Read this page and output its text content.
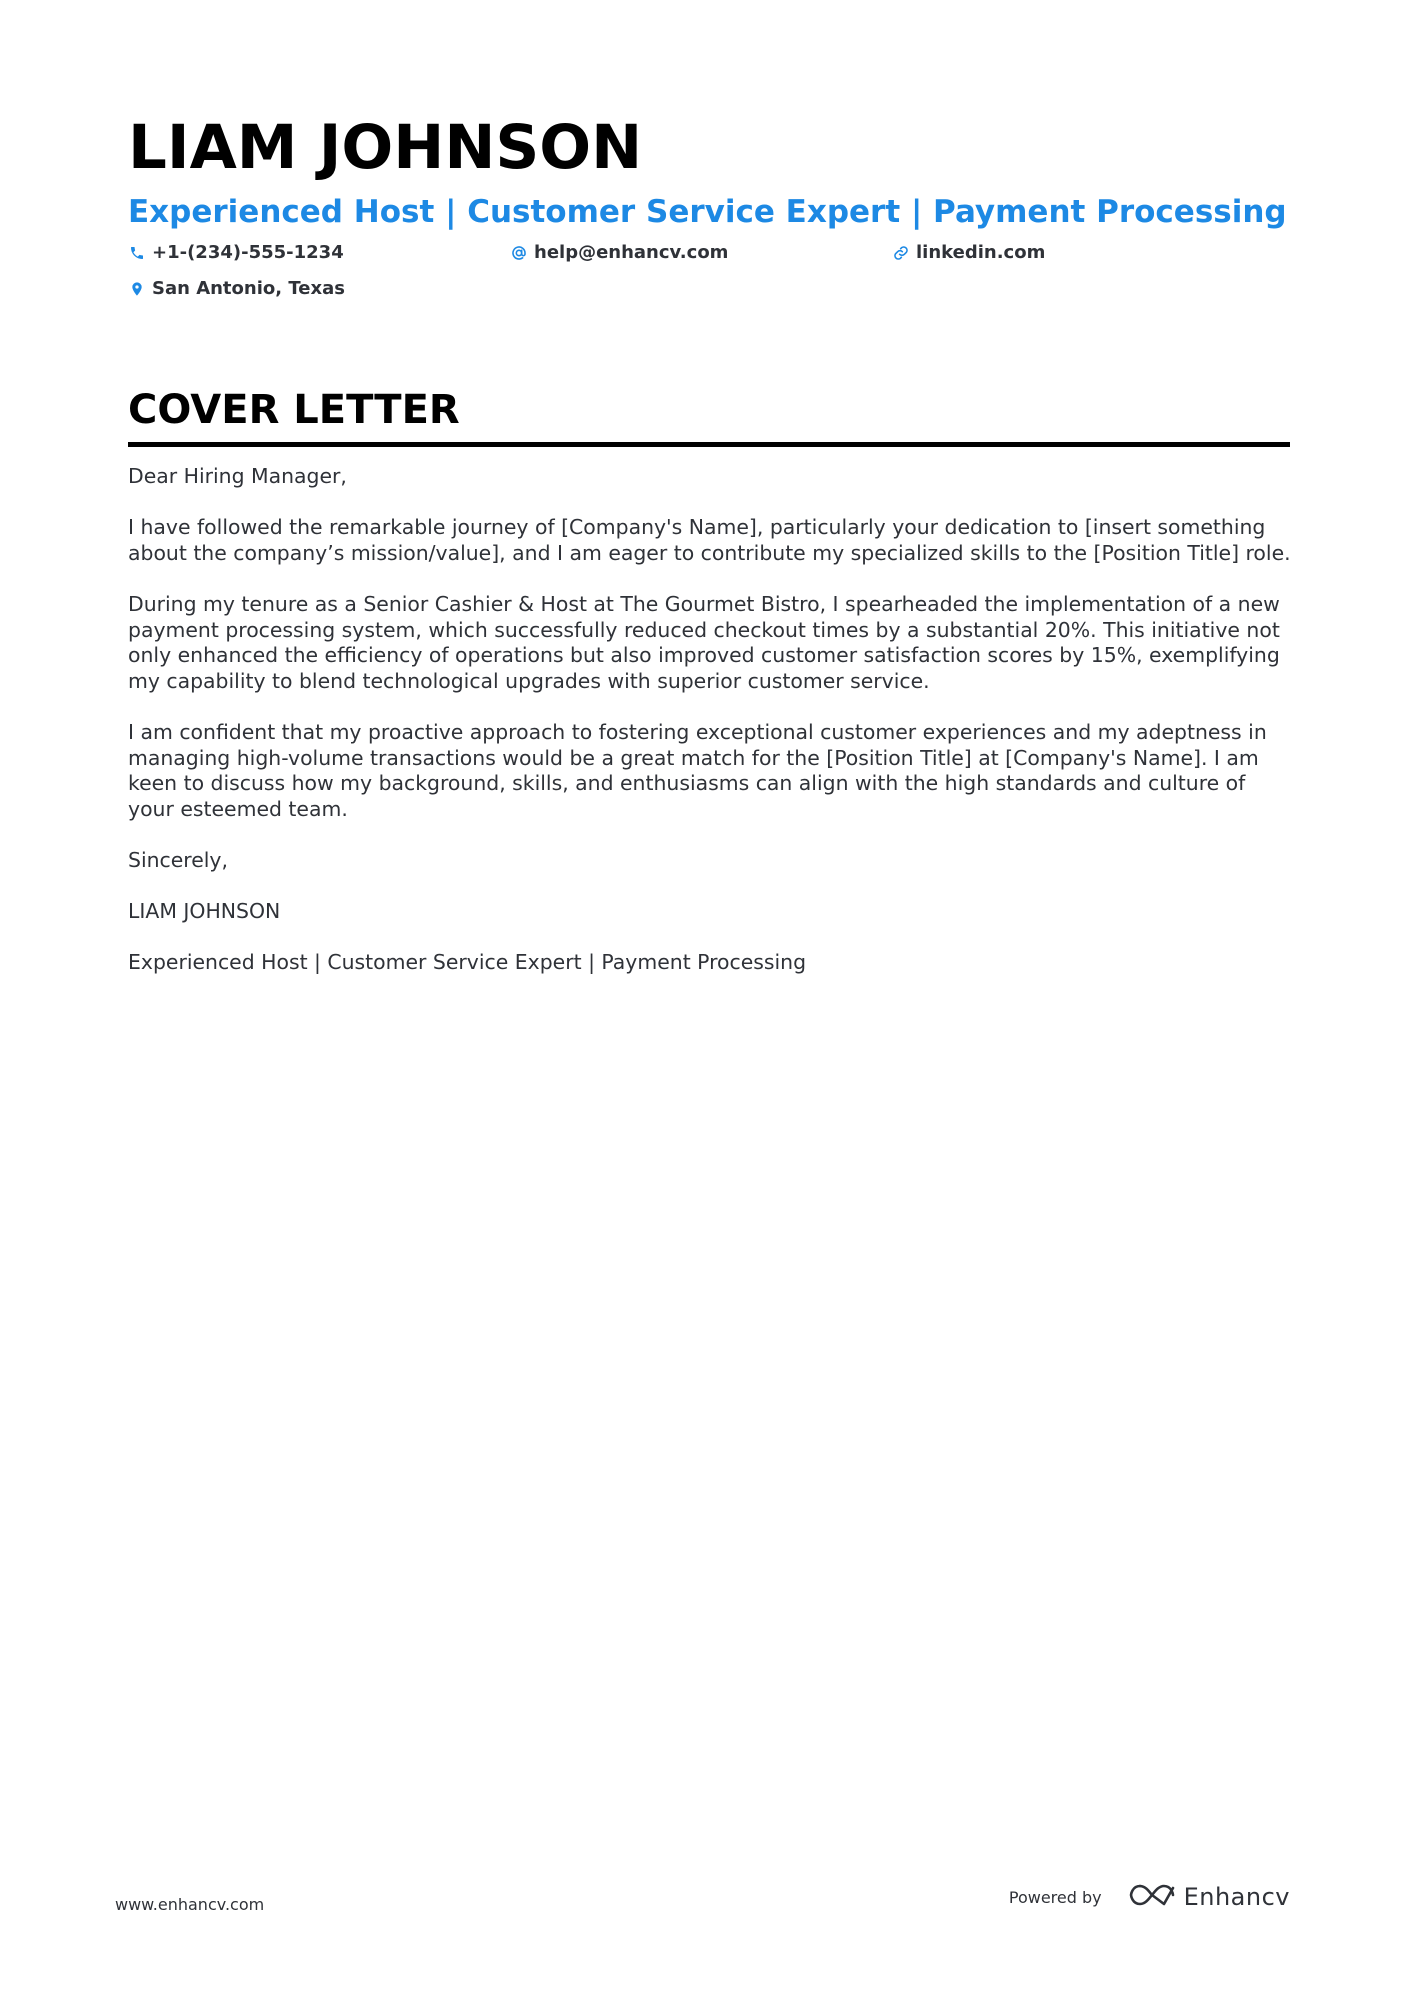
LIAM JOHNSON
Experienced Host | Customer Service Expert | Payment Processing
+1-(234)-555-1234	help@enhancv.com	linkedin.com
San Antonio, Texas
COVER LETTER

Dear Hiring Manager,

I have followed the remarkable journey of [Company's Name], particularly your dedication to [insert something about the company’s mission/value], and I am eager to contribute my specialized skills to the [Position Title] role.

During my tenure as a Senior Cashier & Host at The Gourmet Bistro, I spearheaded the implementation of a new payment processing system, which successfully reduced checkout times by a substantial 20%. This initiative not only enhanced the efficiency of operations but also improved customer satisfaction scores by 15%, exemplifying my capability to blend technological upgrades with superior customer service.

I am confident that my proactive approach to fostering exceptional customer experiences and my adeptness in managing high-volume transactions would be a great match for the [Position Title] at [Company's Name]. I am keen to discuss how my background, skills, and enthusiasms can align with the high standards and culture of your esteemed team.

Sincerely,

LIAM JOHNSON

Experienced Host | Customer Service Expert | Payment Processing

www.enhancv.com	Powered by	Enhancv
